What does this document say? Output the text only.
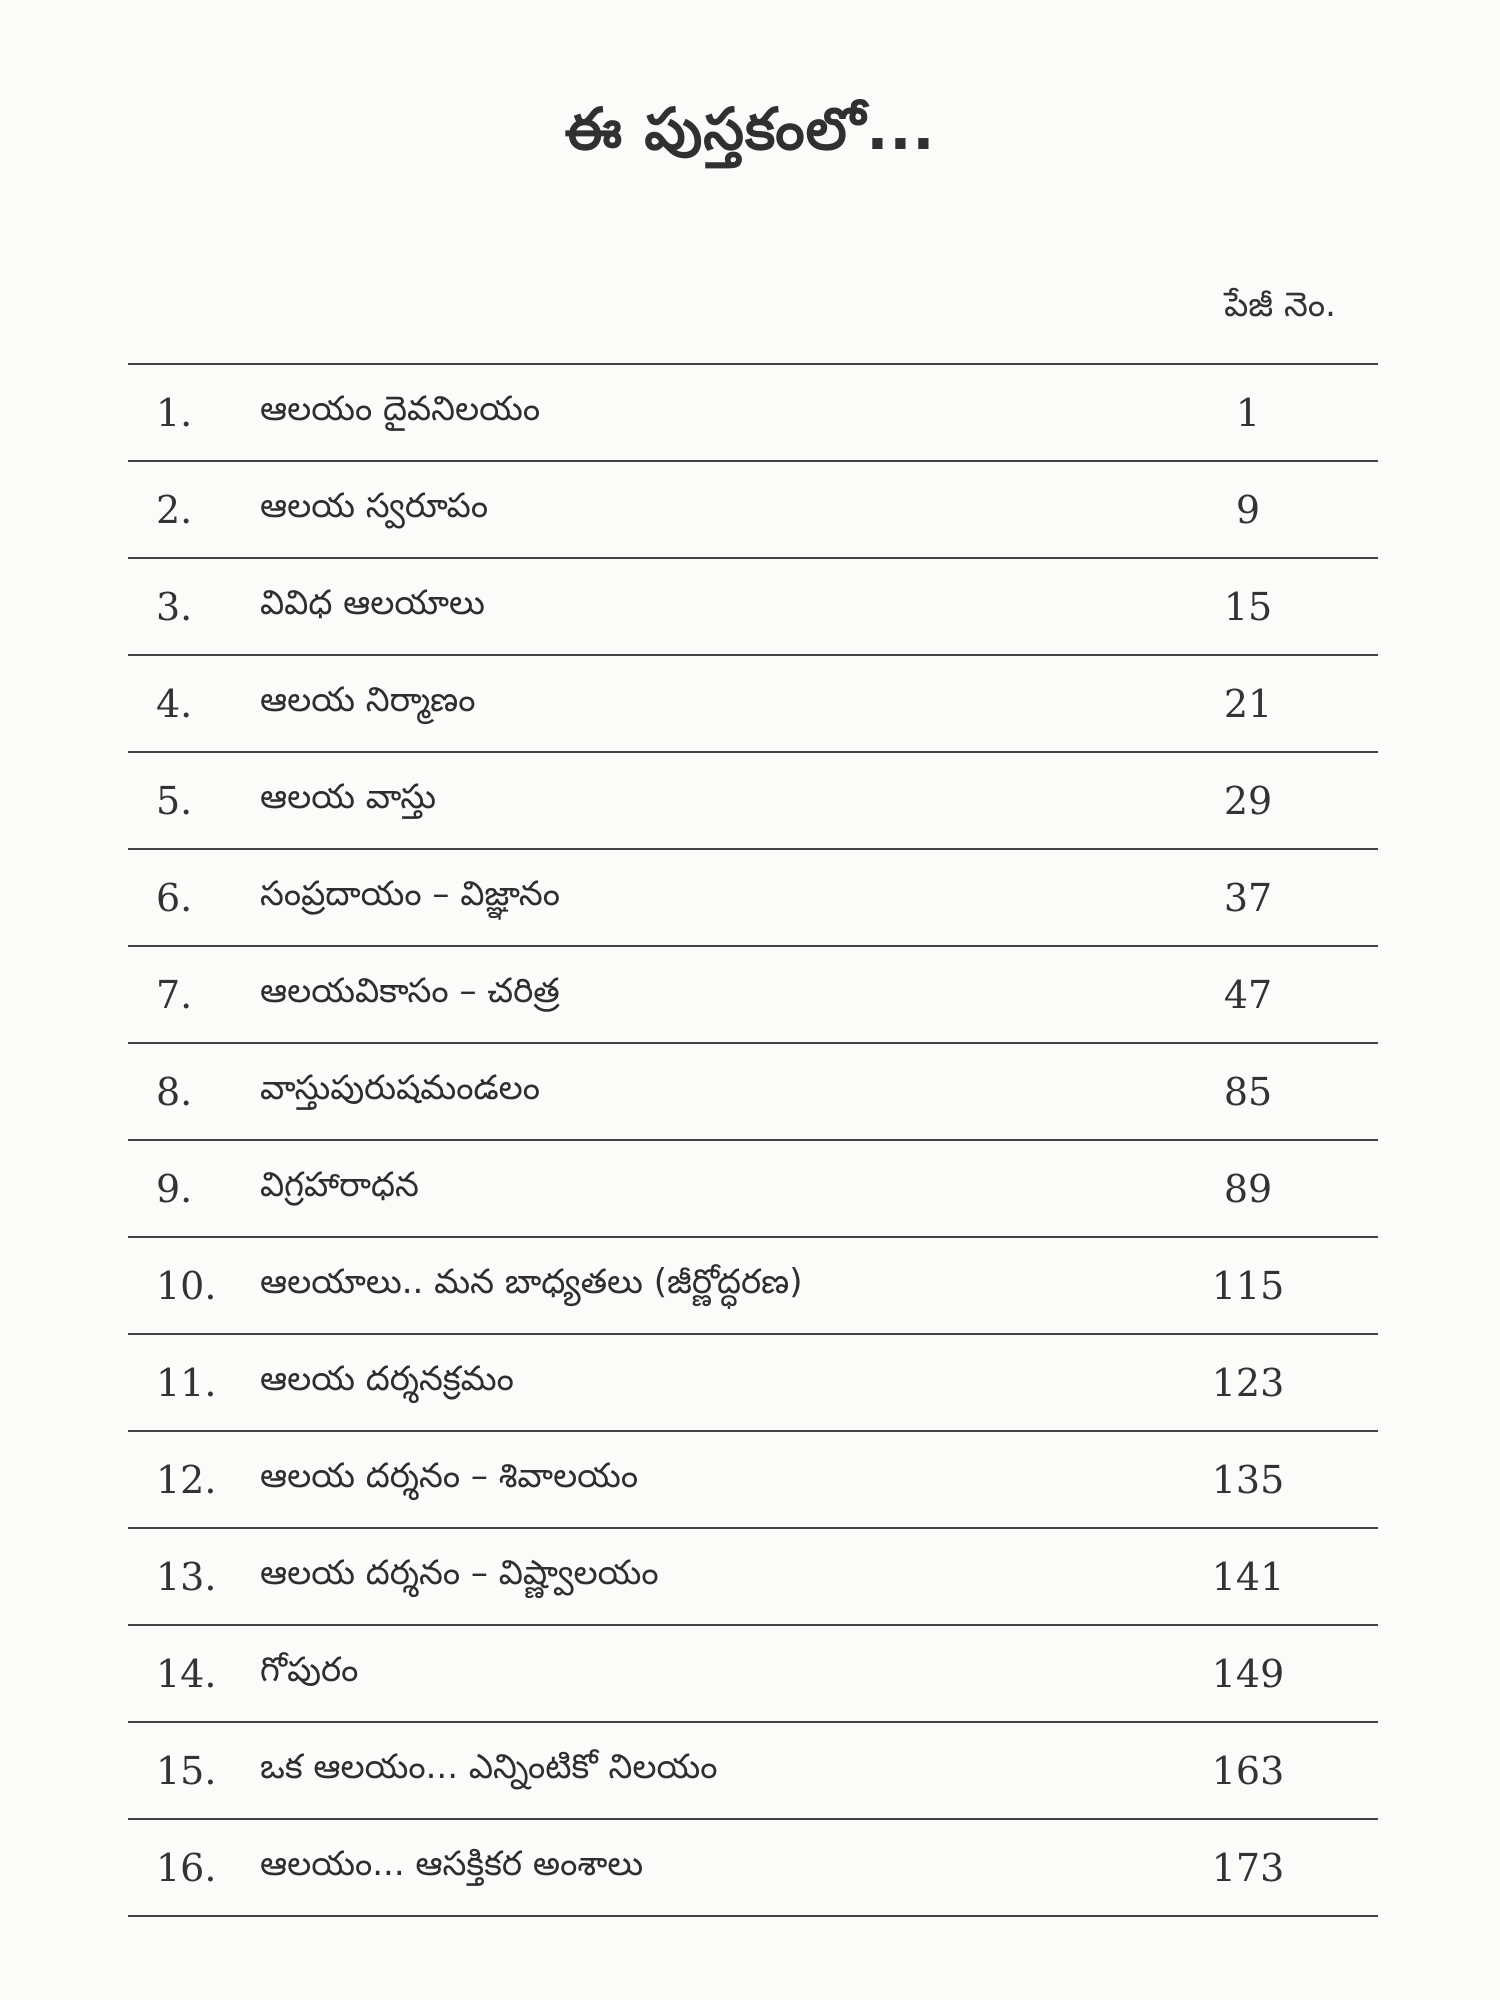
ఈ పుస్తకంలో...
పేజీ నెం.
1.	ఆలయం దైవనిలయం	1
2.	ఆలయ స్వరూపం	9
3.	వివిధ ఆలయాలు	15
4.	ఆలయ నిర్మాణం	21
5.	ఆలయ వాస్తు	29
6.	సంప్రదాయం – విజ్ఞానం	37
7.	ఆలయవికాసం – చరిత్ర	47
8.	వాస్తుపురుషమండలం	85
9.	విగ్రహారాధన	89
10.	ఆలయాలు.. మన బాధ్యతలు (జీర్ణోద్ధరణ)	115
11.	ఆలయ దర్శనక్రమం	123
12.	ఆలయ దర్శనం – శివాలయం	135
13.	ఆలయ దర్శనం – విష్ణ్వాలయం	141
14.	గోపురం	149
15.	ఒక ఆలయం... ఎన్నింటికో నిలయం	163
16.	ఆలయం... ఆసక్తికర అంశాలు	173
